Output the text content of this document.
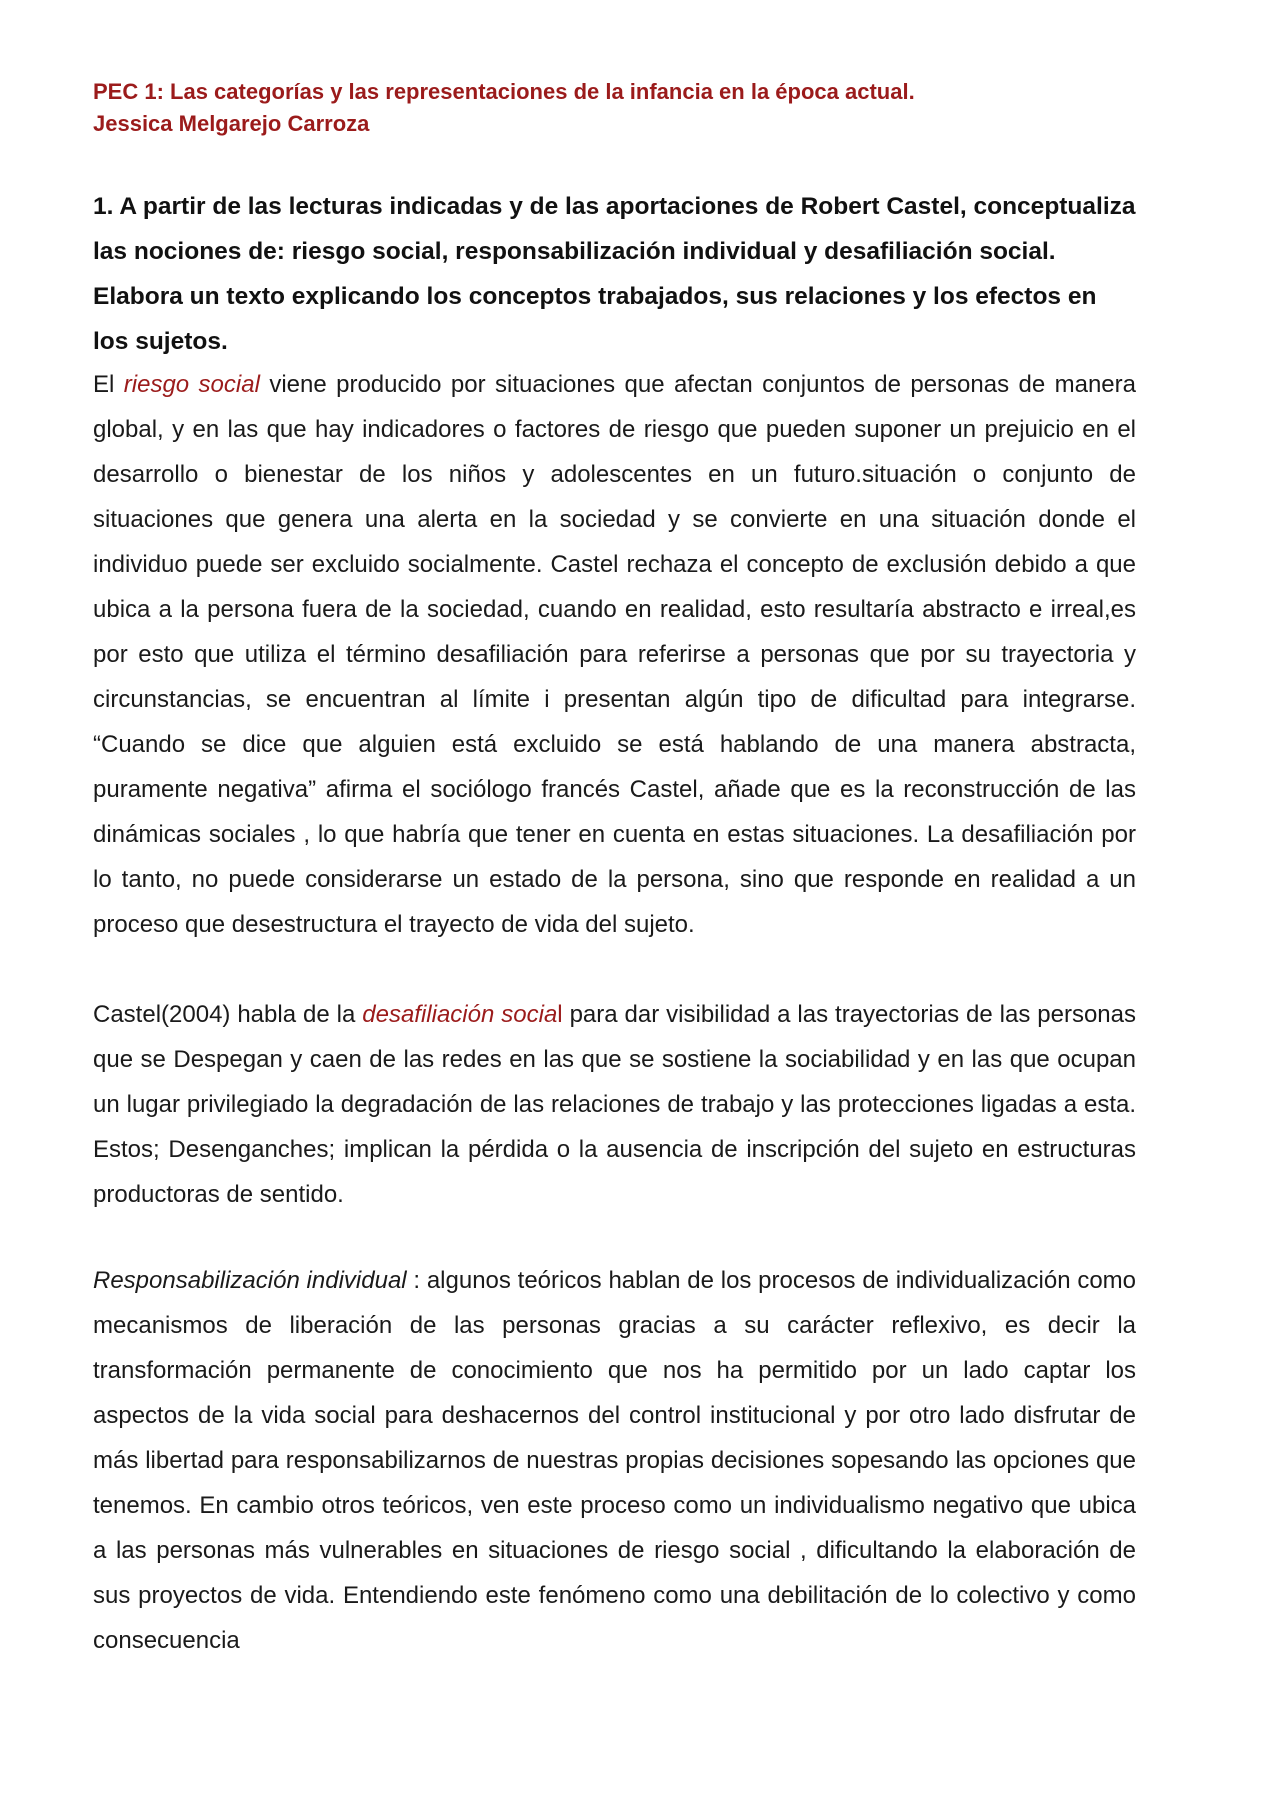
PEC 1: Las categorías y las representaciones de la infancia en la época actual.
Jessica Melgarejo Carroza
1. A partir de las lecturas indicadas y de las aportaciones de Robert Castel, conceptualiza las nociones de: riesgo social, responsabilización individual y desafiliación social. Elabora un texto explicando los conceptos trabajados, sus relaciones y los efectos en los sujetos.
El riesgo social viene producido por situaciones que afectan conjuntos de personas de manera global, y en las que hay indicadores o factores de riesgo que pueden suponer un prejuicio en el desarrollo o bienestar de los niños y adolescentes en un futuro.situación o conjunto de situaciones que genera una alerta en la sociedad y se convierte en una situación donde el individuo puede ser excluido socialmente. Castel rechaza el concepto de exclusión debido a que ubica a la persona fuera de la sociedad, cuando en realidad, esto resultaría abstracto e irreal,es por esto que utiliza el término desafiliación para referirse a personas que por su trayectoria y circunstancias, se encuentran al límite i presentan algún tipo de dificultad para integrarse. “Cuando se dice que alguien está excluido se está hablando de una manera abstracta, puramente negativa” afirma el sociólogo francés Castel, añade que es la reconstrucción de las dinámicas sociales , lo que habría que tener en cuenta en estas situaciones. La desafiliación por lo tanto, no puede considerarse un estado de la persona, sino que responde en realidad a un proceso que desestructura el trayecto de vida del sujeto.
Castel(2004) habla de la desafiliación social para dar visibilidad a las trayectorias de las personas que se Despegan y caen de las redes en las que se sostiene la sociabilidad y en las que ocupan un lugar privilegiado la degradación de las relaciones de trabajo y las protecciones ligadas a esta. Estos; Desenganches; implican la pérdida o la ausencia de inscripción del sujeto en estructuras productoras de sentido.
Responsabilización individual : algunos teóricos hablan de los procesos de individualización como mecanismos de liberación de las personas gracias a su carácter reflexivo, es decir la transformación permanente de conocimiento que nos ha permitido por un lado captar los aspectos de la vida social para deshacernos del control institucional y por otro lado disfrutar de más libertad para responsabilizarnos de nuestras propias decisiones sopesando las opciones que tenemos. En cambio otros teóricos, ven este proceso como un individualismo negativo que ubica a las personas más vulnerables en situaciones de riesgo social , dificultando la elaboración de sus proyectos de vida. Entendiendo este fenómeno como una debilitación de lo colectivo y como consecuencia
